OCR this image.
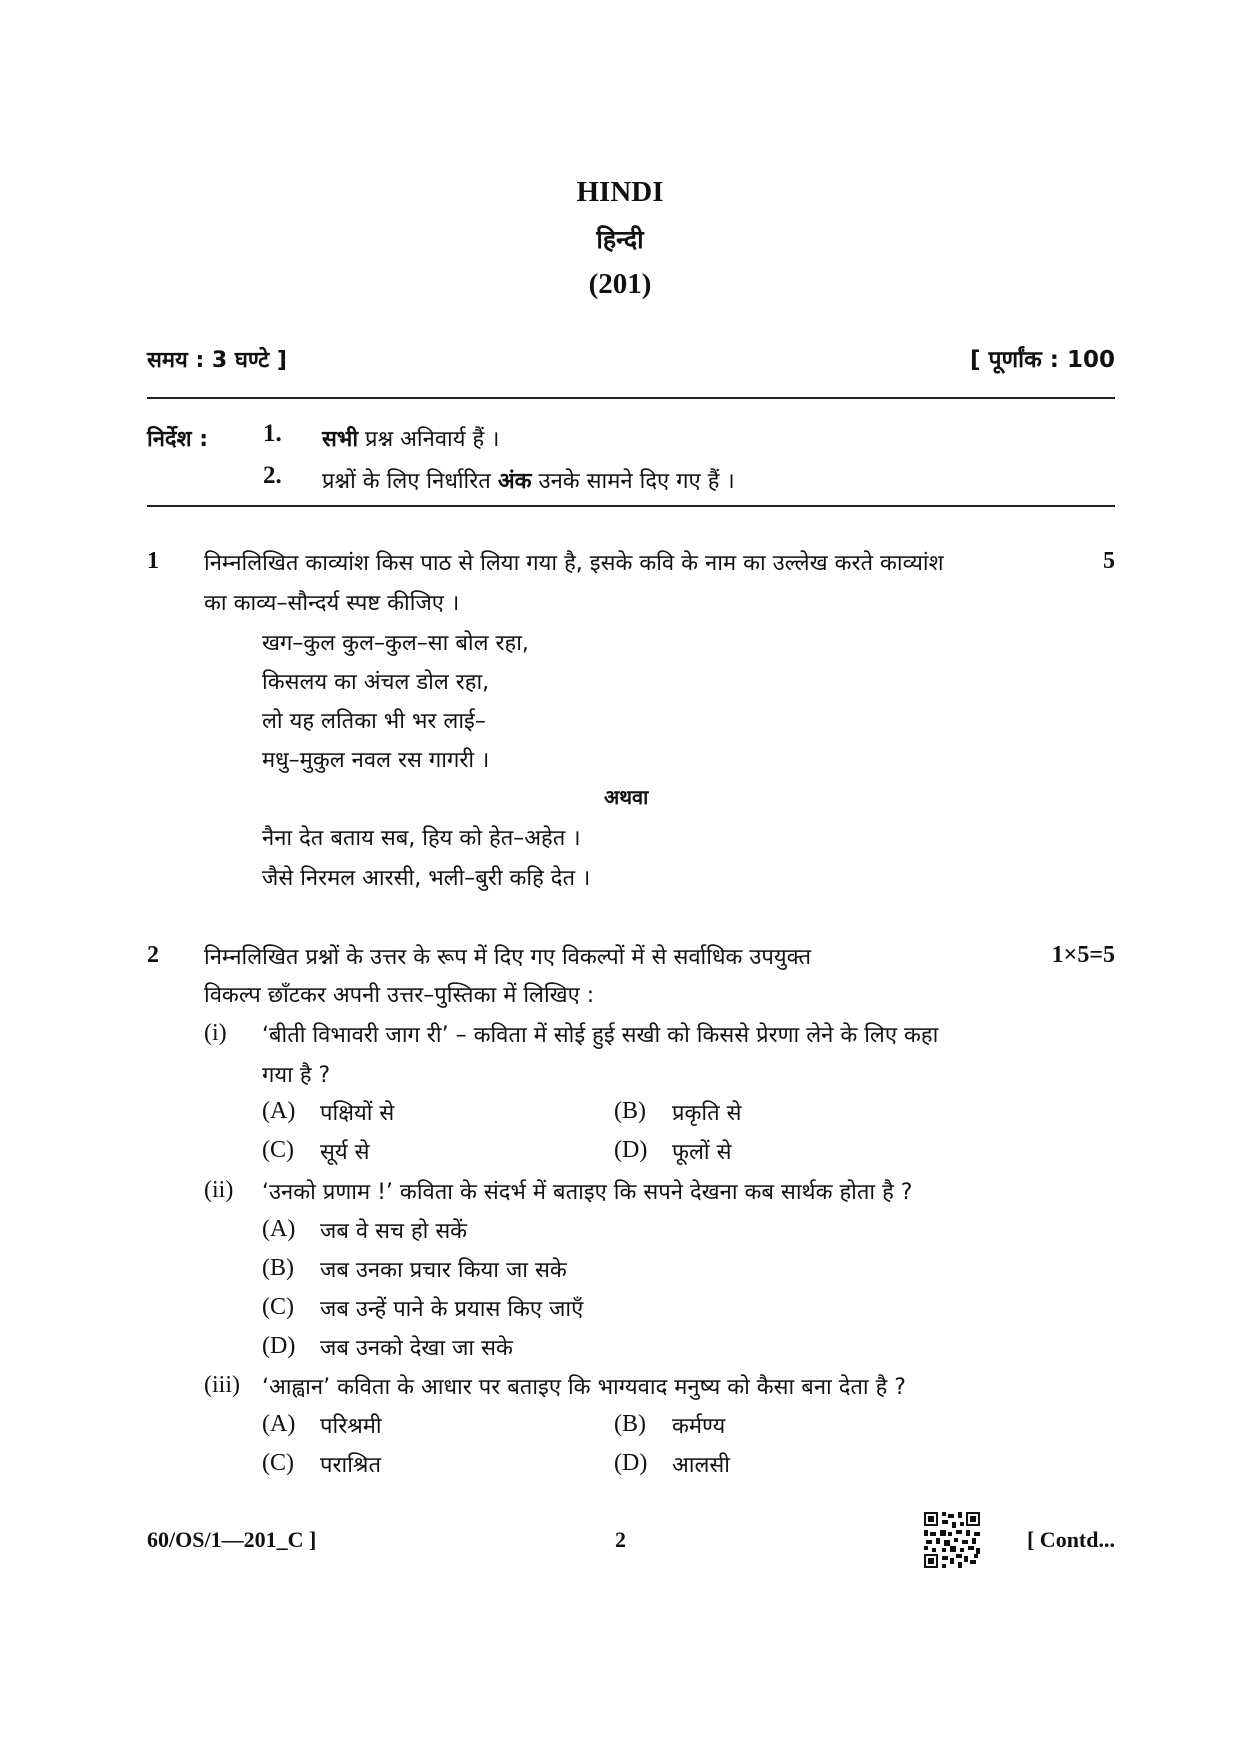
HINDI
हिन्दी
(201)
समय : 3 घण्टे ]	[ पूर्णांक : 100
निर्देश : 1. सभी प्रश्न अनिवार्य हैं ।
2. प्रश्नों के लिए निर्धारित अंक उनके सामने दिए गए हैं ।
1	5
निम्नलिखित काव्यांश किस पाठ से लिया गया है, इसके कवि के नाम का उल्लेख करते काव्यांश
का काव्य–सौन्दर्य स्पष्ट कीजिए ।
खग–कुल कुल–कुल–सा बोल रहा,
किसलय का अंचल डोल रहा,
लो यह लतिका भी भर लाई–
मधु–मुकुल नवल रस गागरी ।
अथवा
नैना देत बताय सब, हिय को हेत–अहेत ।
जैसे निरमल आरसी, भली–बुरी कहि देत ।
2	1×5=5
निम्नलिखित प्रश्नों के उत्तर के रूप में दिए गए विकल्पों में से सर्वाधिक उपयुक्त
विकल्प छाँटकर अपनी उत्तर–पुस्तिका में लिखिए :
(i) ‘बीती विभावरी जाग री’ – कविता में सोई हुई सखी को किससे प्रेरणा लेने के लिए कहा
गया है ?
(A) पक्षियों से	(B) प्रकृति से
(C) सूर्य से	(D) फूलों से
(ii) ‘उनको प्रणाम !’ कविता के संदर्भ में बताइए कि सपने देखना कब सार्थक होता है ?
(A) जब वे सच हो सकें
(B) जब उनका प्रचार किया जा सके
(C) जब उन्हें पाने के प्रयास किए जाएँ
(D) जब उनको देखा जा सके
(iii) ‘आह्वान’ कविता के आधार पर बताइए कि भाग्यवाद मनुष्य को कैसा बना देता है ?
(A) परिश्रमी	(B) कर्मण्य
(C) पराश्रित	(D) आलसी
60/OS/1—201_C ]	2	[ Contd...
